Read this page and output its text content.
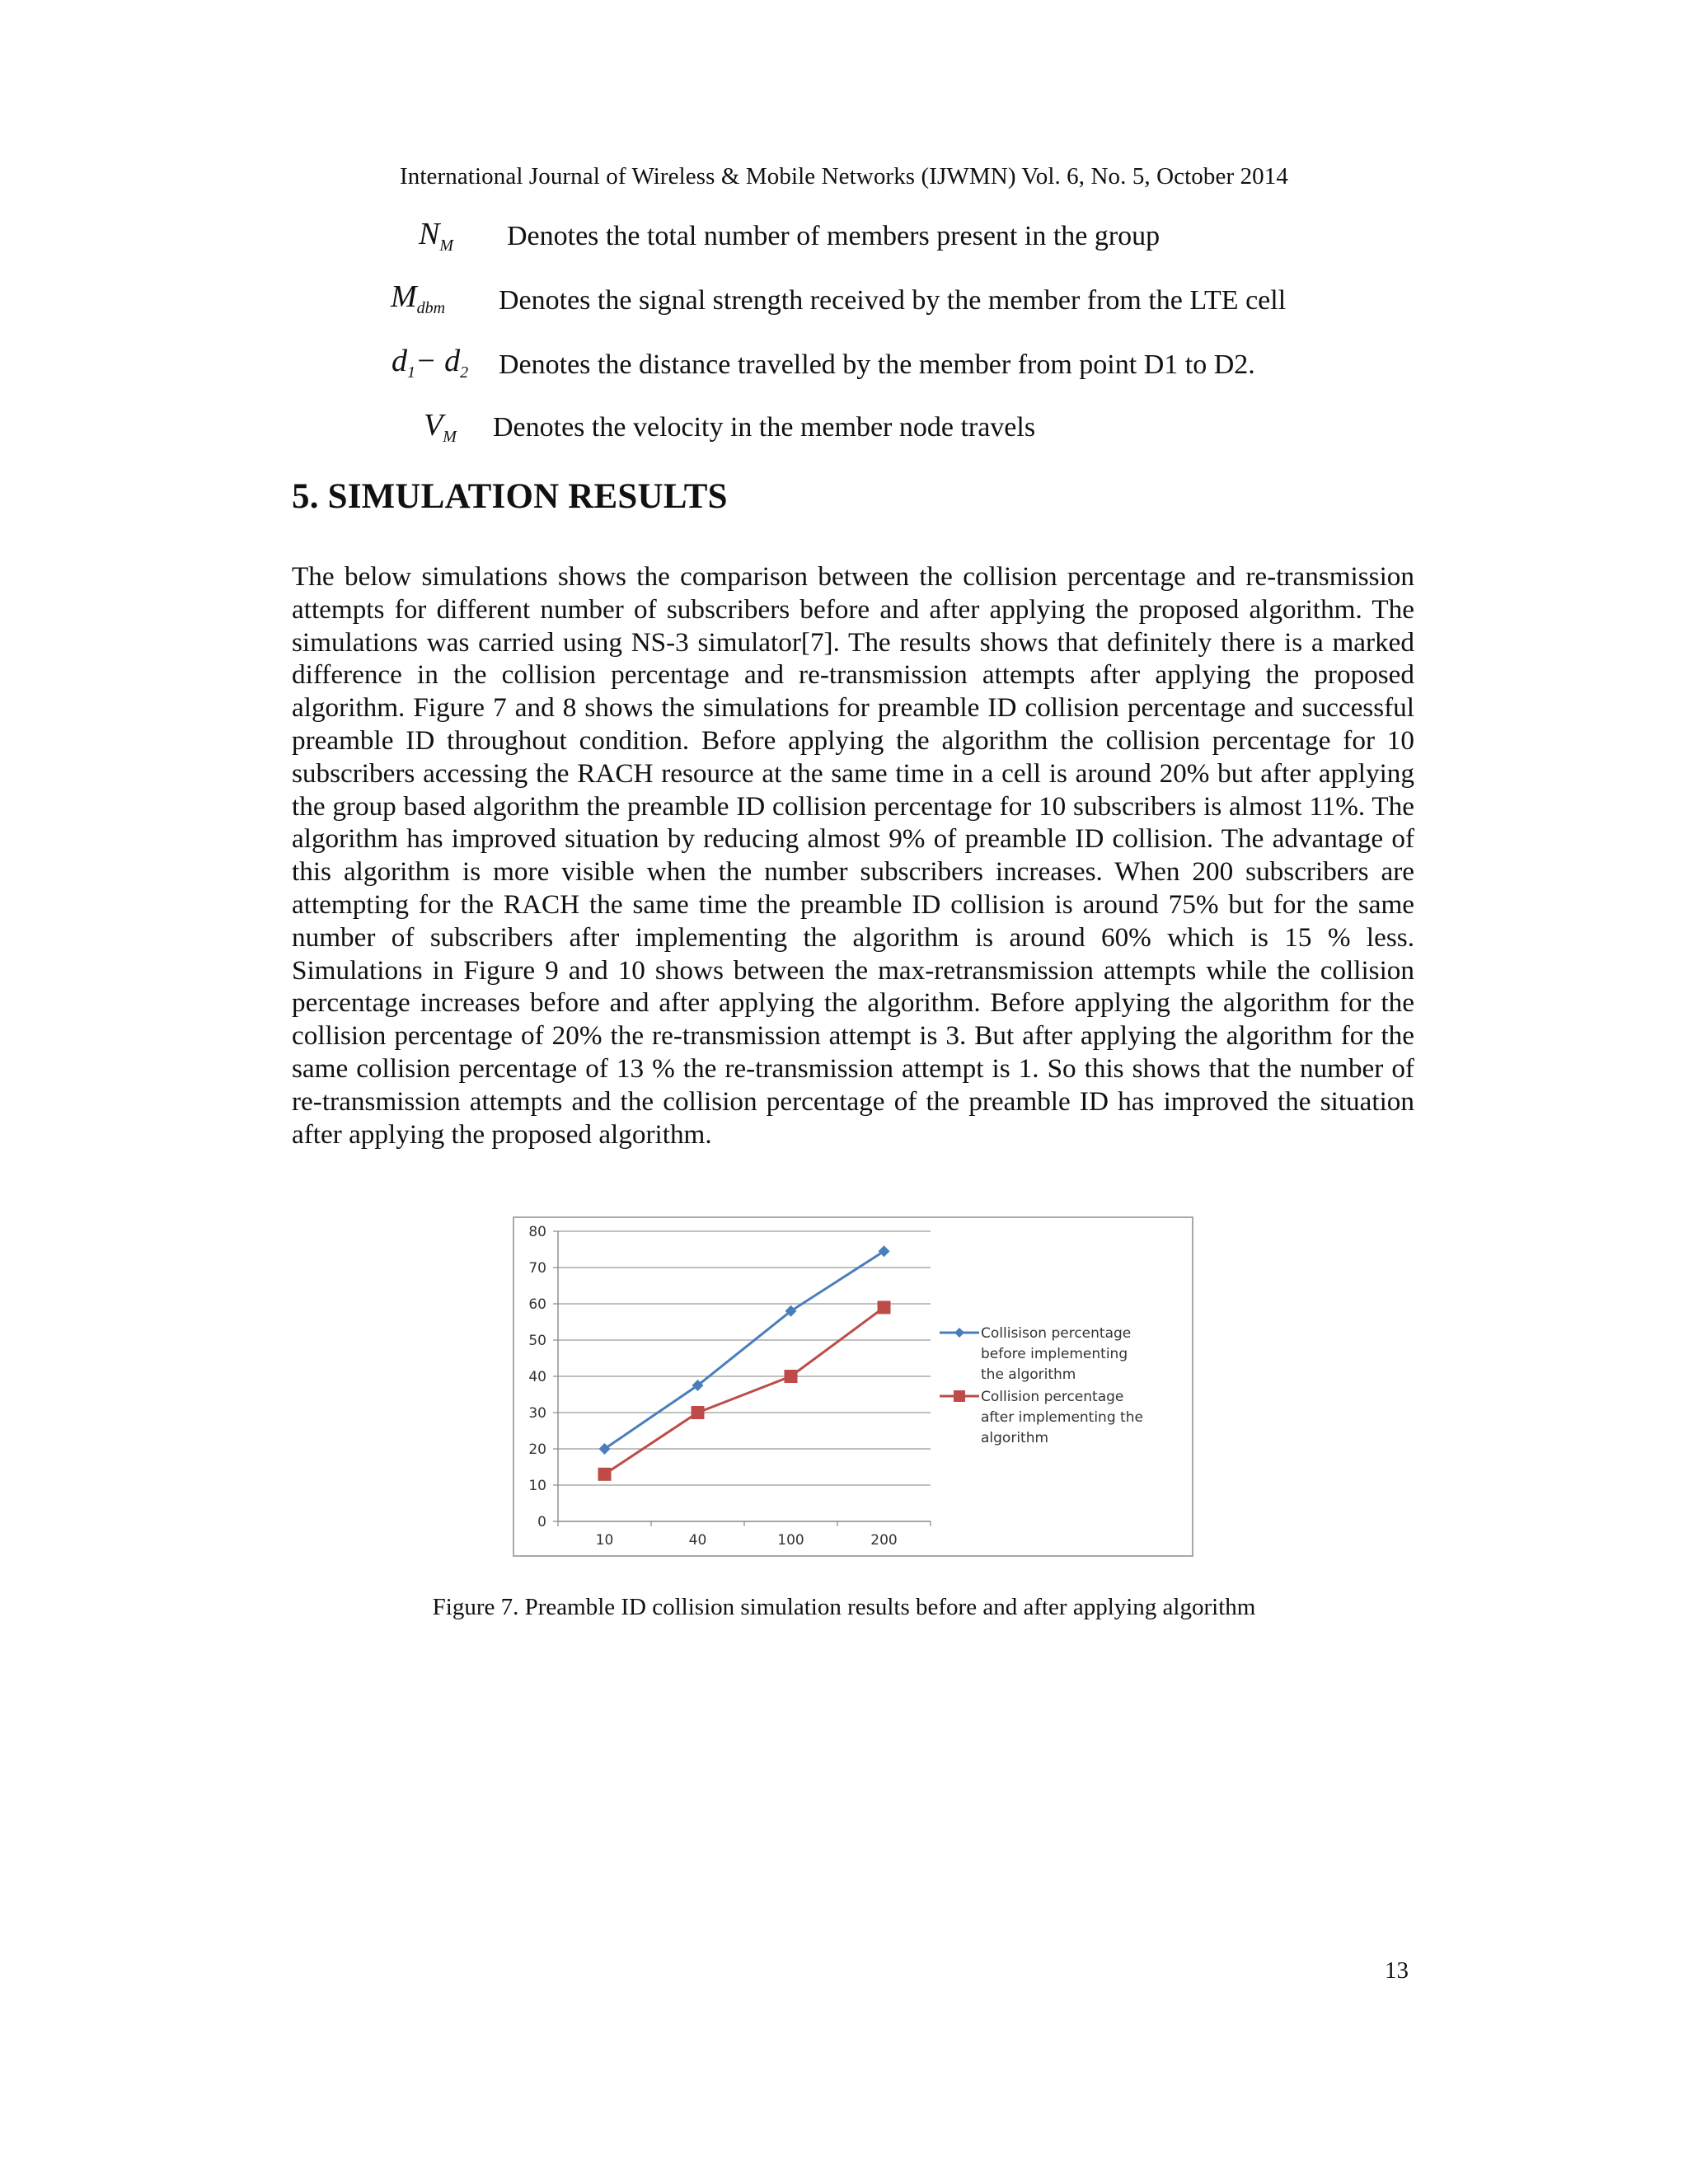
International Journal of Wireless & Mobile Networks (IJWMN) Vol. 6, No. 5, October 2014
$N_M$ Denotes the total number of members present in the group
$M_{dbm}$ Denotes the signal strength received by the member from the LTE cell
$d_1- d_2$ Denotes the distance travelled by the member from point D1 to D2.
$V_M$ Denotes the velocity in the member node travels
5. SIMULATION RESULTS

The below simulations shows the comparison between the collision percentage and re-transmission attempts for different number of subscribers before and after applying the proposed algorithm. The simulations was carried using NS-3 simulator[7]. The results shows that definitely there is a marked difference in the collision percentage and re-transmission attempts after applying the proposed algorithm. Figure 7 and 8 shows the simulations for preamble ID collision percentage and successful preamble ID throughout condition. Before applying the algorithm the collision percentage for 10 subscribers accessing the RACH resource at the same time in a cell is around 20% but after applying the group based algorithm the preamble ID collision percentage for 10 subscribers is almost 11%. The algorithm has improved situation by reducing almost 9% of preamble ID collision. The advantage of this algorithm is more visible when the number subscribers increases. When 200 subscribers are attempting for the RACH the same time the preamble ID collision is around 75% but for the same number of subscribers after implementing the algorithm is around 60% which is 15 % less. Simulations in Figure 9 and 10 shows between the max-retransmission attempts while the collision percentage increases before and after applying the algorithm. Before applying the algorithm for the collision percentage of 20% the re-transmission attempt is 3. But after applying the algorithm for the same collision percentage of 13 % the re-transmission attempt is 1. So this shows that the number of re-transmission attempts and the collision percentage of the preamble ID has improved the situation after applying the proposed algorithm.

0
10
20
30
40
50
60
70
80
10	40	100	200
Collisison percentage
before implementing
the algorithm
Collision percentage
after implementing the
algorithm
Figure 7. Preamble ID collision simulation results before and after applying algorithm
13
